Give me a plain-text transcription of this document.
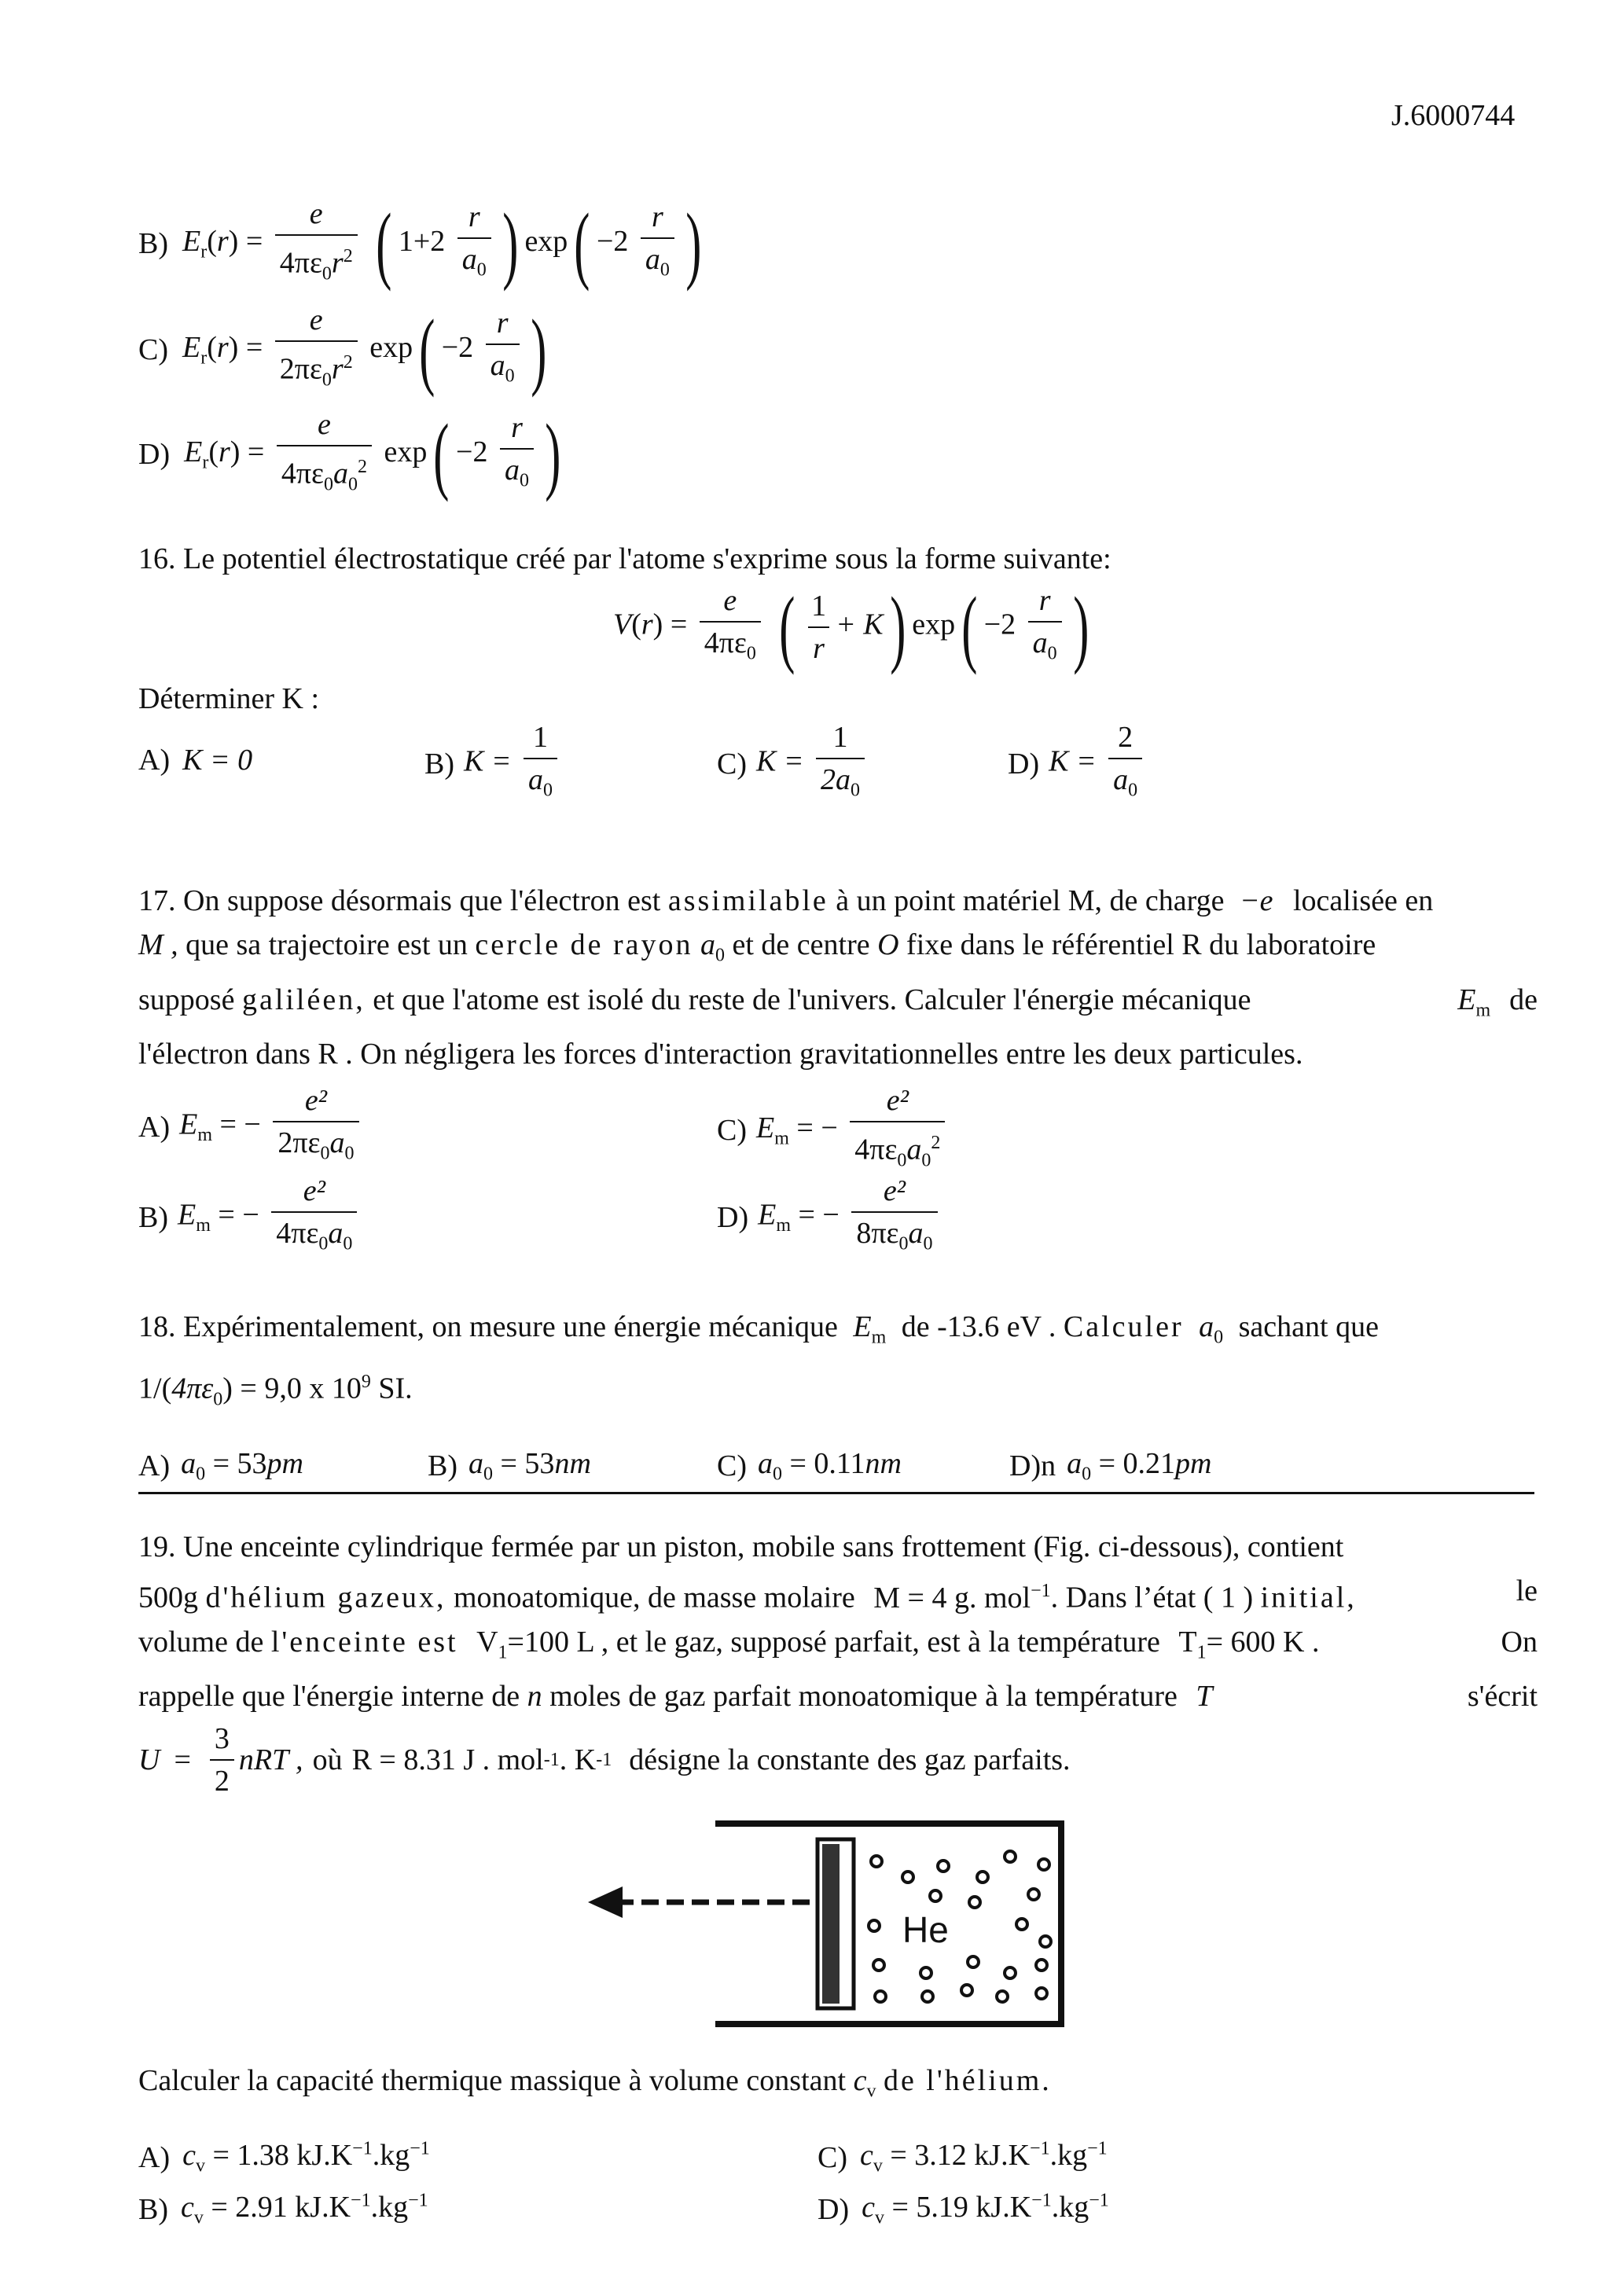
J.6000744
B) $E_r(r) = \frac{e}{4\pi\varepsilon_0r^2}$ ( $1+2 \frac{r}{a_0}$ ) $\exp( -2 \frac{r}{a_0}$ )
C) $E_r(r) = \frac{e}{2\pi\varepsilon_0r^2} \exp( -2 \frac{r}{a_0}$ )
D) $E_r(r) = \frac{e}{4\pi\varepsilon_0a_0^2} \exp( -2 \frac{r}{a_0}$ )
16. Le potentiel électrostatique créé par l'atome s'exprime sous la forme suivante:
$V(r) = \frac{e}{4\pi\varepsilon_0}$ ( $\frac{1}{r} + K$) $\exp( -2 \frac{r}{a_0}$ )
Déterminer K :
A) K = 0	B) $K = \frac{1}{a_0}$	C) $K = \frac{1}{2a_0}$	D) $K = \frac{2}{a_0}$
17. On suppose désormais que l'électron est assimilable à un point matériel M, de charge −e localisée en
M , que sa trajectoire est un cercle de rayon $a_0$ et de centre O fixe dans le référentiel R du laboratoire
supposé galiléen, et que l'atome est isolé du reste de l'univers. Calculer l'énergie mécanique	$E_m$ de
l'électron dans R . On négligera les forces d'interaction gravitationnelles entre les deux particules.
A) $E_m$ = − $\frac{\text{e²}}{2\pi\varepsilon_0a_0}$
B) $E_m$ = − $\frac{\text{e²}}{4\pi\varepsilon_0a_0}$
C) $E_m$ = − $\frac{\text{e²}}{4\pi\varepsilon_0a_0^2}$
D) $E_m$ = − $\frac{\text{e²}}{8\pi\varepsilon_0a_0}$
18. Expérimentalement, on mesure une énergie mécanique $E_m$ de -13.6 eV . Calculer $a_0$ sachant que
$1/(4\pi\varepsilon_0) = 9,0$ x $10^9$ SI.
A) $a_0 = 53pm$	B) $a_0 = 53nm$	C) $a_0 = 0.11nm$	D)n $a_0 = 0.21pm$
19. Une enceinte cylindrique fermée par un piston, mobile sans frottement (Fig. ci-dessous), contient
500g d'hélium gazeux, monoatomique, de masse molaire M = 4 g. mol$^{-1}$. Dans l’état ( 1 ) initial,	le
volume de l'enceinte est $V_1=100$ L , et le gaz, supposé parfait, est à la température $T_1= 600$ K .	On
rappelle que l'énergie interne de n moles de gaz parfait monoatomique à la température T	s'écrit
$U = \frac{3}{2}$ nRT , où R = 8.31 J . mol -1 . K -1 désigne la constante des gaz parfaits.
He
Calculer la capacité thermique massique à volume constant $c_v$ de l'hélium.
A) $c_v = 1.38$ $kJ.K^{-1}.kg^{-1}$
B) $c_v = 2.91$ $kJ.K^{-1}.kg^{-1}$
C) $c_v = 3.12$ $kJ.K^{-1}.kg^{-1}$
D) $c_v = 5.19$ $kJ.K^{-1}.kg^{-1}$
